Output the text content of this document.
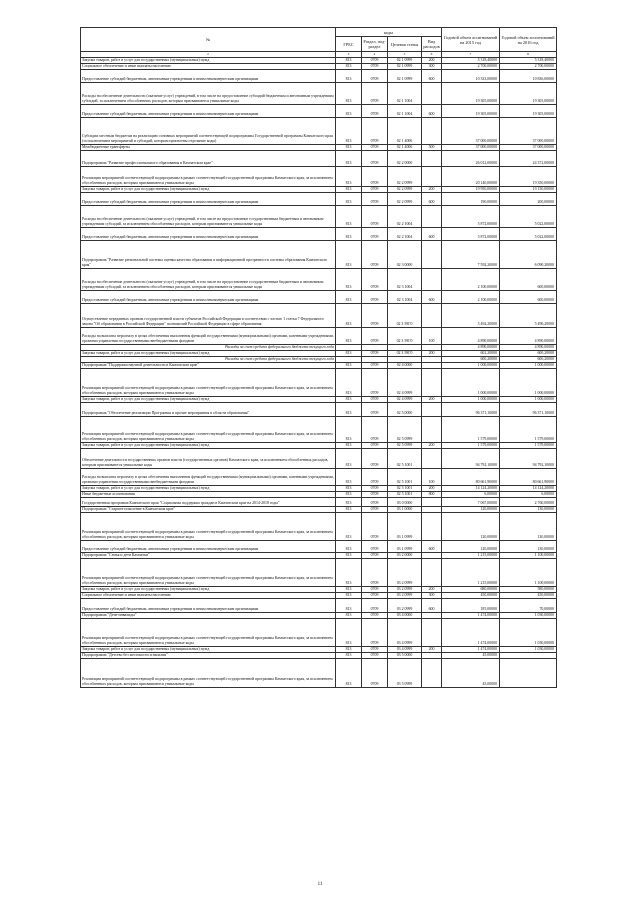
№	коды				Годовой объем ассигнований на 2015 год	Годовой объем ассигнований на 2016 год
	ГРБС	Раздел, под-раздел	Целевая статья	Вид расходов		
2	3	4	5	6	7	8
Закупка товаров, работ и услуг для государственных (муниципальных) нужд	813	0709	02 1 0999	200	5 318,40000	5 318,40000
Социальное обеспечение и иные выплаты населению	813	0709	02 1 0999	300	2 700,00000	2 700,00000
Предоставление субсидий бюджетным, автономным учреждениям и иным некоммерческим организациям	813	0709	02 1 0999	600	10 333,00000	10 836,00000
Расходы на обеспечение деятельности (оказание услуг) учреждений, в том числе на предоставление субсидий бюджетным и автономным учреждениям субсидий, за исключением обособленных расходов, которым присваиваются уникальные коды	813	0709	02 1 1004		19 305,00000	19 305,00000
Предоставление субсидий бюджетным, автономным учреждениям и иным некоммерческим организациям	813	0709	02 1 1004	600	19 305,00000	19 305,00000
Субсидии местным бюджетам на реализацию основных мероприятий соответствующей подпрограммы Государственной программы Камчатского края (за исключением мероприятий и субсидий, которым присвоены отдельные коды)	813	0709	02 1 4006		37 000,00000	37 000,00000
Межбюджетные трансферты	813	0709	02 1 4006	500	37 000,00000	37 000,00000
Подпрограмма "Развитие профессионального образования в Камчатском крае"	813	0709	02 2 0000		26 012,00000	24 372,00000
Реализация мероприятий соответствующей подпрограммы в рамках соответствующей государственной программы Камчатского края, за исключением обособленных расходов, которым присваиваются уникальные коды	813	0709	02 2 0999		20 140,00000	19 350,00000
Закупка товаров, работ и услуг для государственных (муниципальных) нужд	813	0709	02 2 0999	200	19 950,00000	19 150,00000
Предоставление субсидий бюджетным, автономным учреждениям и иным некоммерческим организациям	813	0709	02 2 0999	600	190,00000	200,00000
Расходы на обеспечение деятельности (оказание услуг) учреждений, в том числе на предоставление государственным бюджетным и автономным учреждениям субсидий, за исключением обособленных расходов, которым присваиваются уникальные коды	813	0709	02 2 1004		5 872,00000	5 022,00000
Предоставление субсидий бюджетным, автономным учреждениям и иным некоммерческим организациям	813	0709	02 2 1004	600	5 872,00000	5 022,00000
Подпрограмма "Развитие региональной системы оценки качества образования и информационной прозрачности системы образования Камчатского края"	813	0709	02 3 0000		7 592,20000	6 090,20000
Расходы на обеспечение деятельности (оказание услуг) учреждений, в том числе на предоставление государственным бюджетным и автономным учреждениям субсидий, за исключением обособленных расходов, которым присваиваются уникальные коды	813	0709	02 3 1004		2 100,00000	600,00000
Предоставление субсидий бюджетным, автономным учреждениям и иным некоммерческим организациям	813	0709	02 3 1004	600	2 100,00000	600,00000
Осуществление переданных органам государственной власти субъектов Российской Федерации в соответствии с частью 1 статьи 7 Федерального закона "Об образовании в Российской Федерации" полномочий Российской Федерации в сфере образования	813	0709	02 3 59Г0		5 492,20000	5 490,20000
Расходы на выплаты персоналу в целях обеспечения выполнения функций государственными (муниципальными) органами, казенными учреждениями, органами управления государственными внебюджетными фондами	813	0709	02 3 59Г0	100	4 890,00000	4 890,00000
Расходы за счет средств федерального бюджета текущего года					4 890,00000	4 890,00000
Закупка товаров, работ и услуг для государственных (муниципальных) нужд	813	0709	02 3 59Г0	200	602,20000	600,20000
Расходы за счет средств федерального бюджета текущего года					600,20000	600,20000
Подпрограмма "Поддержка научной деятельности в Камчатском крае"	813	0709	02 4 0000		1 000,00000	1 000,00000
Реализация мероприятий соответствующей подпрограммы в рамках соответствующей государственной программы Камчатского края, за исключением обособленных расходов, которым присваиваются уникальные коды	813	0709	02 4 0999		1 000,00000	1 000,00000
Закупка товаров, работ и услуг для государственных (муниципальных) нужд	813	0709	02 4 0999	200	1 000,00000	1 000,00000
Подпрограмма "Обеспечение реализации Программы и прочие мероприятия в области образования"	813	0709	02 5 0000		96 371,10000	96 371,10000
Реализация мероприятий соответствующей подпрограммы в рамках соответствующей государственной программы Камчатского края, за исключением обособленных расходов, которым присваиваются уникальные коды	813	0709	02 5 0999		1 579,00000	1 579,00000
Закупка товаров, работ и услуг для государственных (муниципальных) нужд	813	0709	02 5 0999	200	1 579,00000	1 579,00000
Обеспечение деятельности государственных органов власти (государственных органов) Камчатского края, за исключением обособленных расходов, которым присваиваются уникальные коды	813	0709	02 5 1001		94 792,10000	94 792,10000
Расходы на выплаты персоналу в целях обеспечения выполнения функций государственными (муниципальными) органами, казенными учреждениями, органами управления государственными внебюджетными фондами	813	0709	02 5 1001	100	80 661,90000	80 661,90000
Закупка товаров, работ и услуг для государственных (муниципальных) нужд	813	0709	02 5 1001	200	14 124,20000	14 124,20000
Иные бюджетные ассигнования	813	0709	02 5 1001	800	6,00000	6,00000
Государственная программа Камчатского края "Социальная поддержка граждан в Камчатском крае на 2014-2018 годы"	813	0709	03 0 0000		7 067,00000	2 760,00000
Подпрограмма "Старшее поколение в Камчатском крае"	813	0709	03 1 0000		120,00000	130,00000
Реализация мероприятий соответствующей подпрограммы в рамках соответствующей государственной программы Камчатского края, за исключением обособленных расходов, которым присваиваются уникальные коды	813	0709	03 1 0999		120,00000	130,00000
Предоставление субсидий бюджетным, автономным учреждениям и иным некоммерческим организациям	813	0709	03 1 0999	600	120,00000	130,00000
Подпрограмма "Семья и дети Камчатки"	813	0709	03 2 0000		1 215,00000	1 100,00000
Реализация мероприятий соответствующей подпрограммы в рамках соответствующей государственной программы Камчатского края, за исключением обособленных расходов, которым присваиваются уникальные коды	813	0709	03 2 0999		1 215,00000	1 100,00000
Закупка товаров, работ и услуг для государственных (муниципальных) нужд	813	0709	03 2 0999	200	680,00000	580,00000
Социальное обеспечение и иные выплаты населению	813	0709	03 2 0999	300	450,00000	450,00000
Предоставление субсидий бюджетным, автономным учреждениям и иным некоммерческим организациям	813	0709	03 2 0999	600	185,00000	70,00000
Подпрограмма "Дети-инвалиды"	813	0709	03 4 0000		1 474,00000	1 030,00000
Реализация мероприятий соответствующей подпрограммы в рамках соответствующей государственной программы Камчатского края, за исключением обособленных расходов, которым присваиваются уникальные коды	813	0709	03 4 0999		1 474,00000	1 030,00000
Закупка товаров, работ и услуг для государственных (муниципальных) нужд	813	0709	03 4 0999	200	1 474,00000	1 030,00000
Подпрограмма "Детство без жестокости и насилия"	813	0709	03 5 0000		45,00000	
Реализация мероприятий соответствующей подпрограммы в рамках соответствующей государственной программы Камчатского края, за исключением обособленных расходов, которым присваиваются уникальные коды	813	0709	03 5 0999		45,00000	
11
